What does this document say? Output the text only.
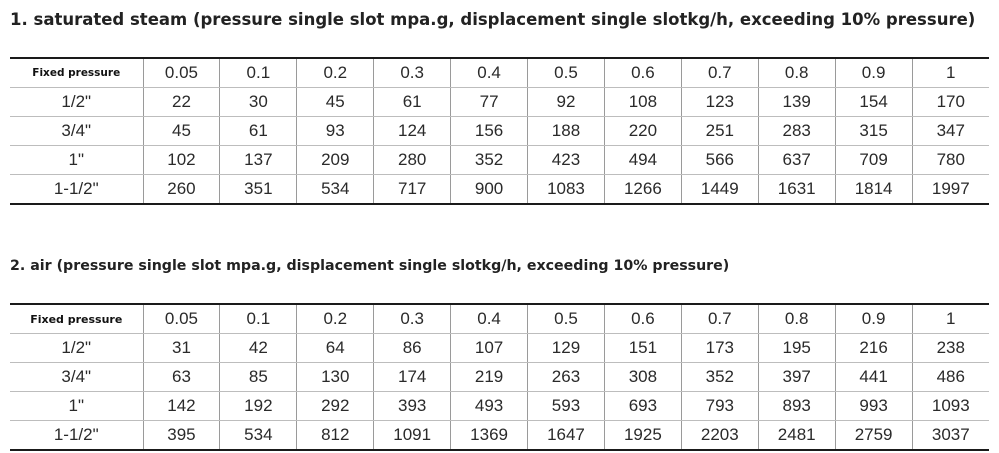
1. saturated steam (pressure single slot mpa.g, displacement single slotkg/h, exceeding 10% pressure)
Fixed pressure	0.05	0.1	0.2	0.3	0.4	0.5	0.6	0.7	0.8	0.9	1
1/2"	22	30	45	61	77	92	108	123	139	154	170
3/4"	45	61	93	124	156	188	220	251	283	315	347
1"	102	137	209	280	352	423	494	566	637	709	780
1-1/2"	260	351	534	717	900	1083	1266	1449	1631	1814	1997
2. air (pressure single slot mpa.g, displacement single slotkg/h, exceeding 10% pressure)
Fixed pressure	0.05	0.1	0.2	0.3	0.4	0.5	0.6	0.7	0.8	0.9	1
1/2"	31	42	64	86	107	129	151	173	195	216	238
3/4"	63	85	130	174	219	263	308	352	397	441	486
1"	142	192	292	393	493	593	693	793	893	993	1093
1-1/2"	395	534	812	1091	1369	1647	1925	2203	2481	2759	3037
